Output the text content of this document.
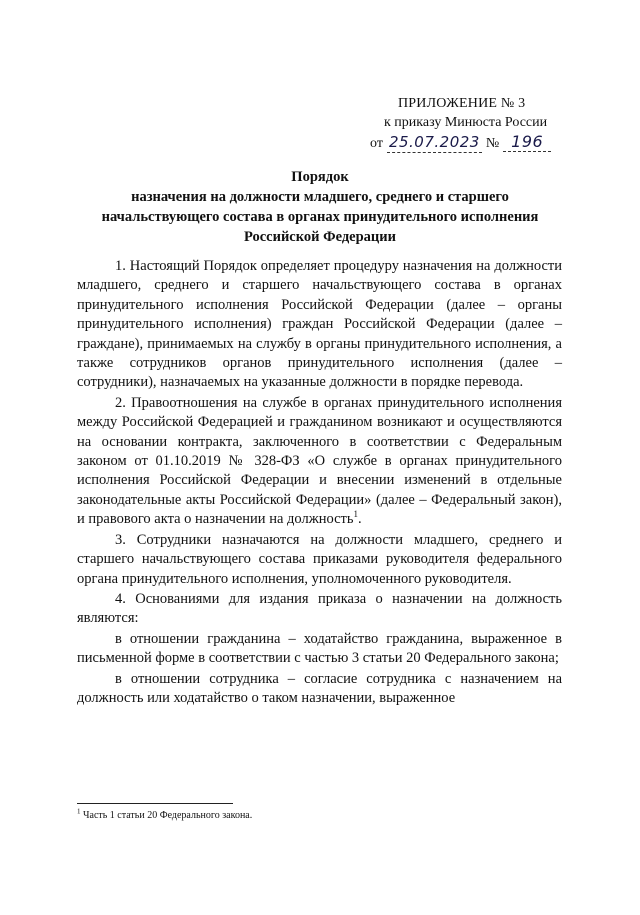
ПРИЛОЖЕНИЕ № 3
к приказу Минюста России
от 25.07.2023 № 196
Порядок
назначения на должности младшего, среднего и старшего
начальствующего состава в органах принудительного исполнения
Российской Федерации

1. Настоящий Порядок определяет процедуру назначения на должности младшего, среднего и старшего начальствующего состава в органах принудительного исполнения Российской Федерации (далее – органы принудительного исполнения) граждан Российской Федерации (далее – граждане), принимаемых на службу в органы принудительного исполнения, а также сотрудников органов принудительного исполнения (далее – сотрудники), назначаемых на указанные должности в порядке перевода.

2. Правоотношения на службе в органах принудительного исполнения между Российской Федерацией и гражданином возникают и осуществляются на основании контракта, заключенного в соответствии с Федеральным законом от 01.10.2019 № 328-ФЗ «О службе в органах принудительного исполнения Российской Федерации и внесении изменений в отдельные законодательные акты Российской Федерации» (далее – Федеральный закон), и правового акта о назначении на должность$^1$.

3. Сотрудники назначаются на должности младшего, среднего и старшего начальствующего состава приказами руководителя федерального органа принудительного исполнения, уполномоченного руководителя.

4. Основаниями для издания приказа о назначении на должность являются:

в отношении гражданина – ходатайство гражданина, выраженное в письменной форме в соответствии с частью 3 статьи 20 Федерального закона;

в отношении сотрудника – согласие сотрудника с назначением на должность или ходатайство о таком назначении, выраженное

$^1$ Часть 1 статьи 20 Федерального закона.
